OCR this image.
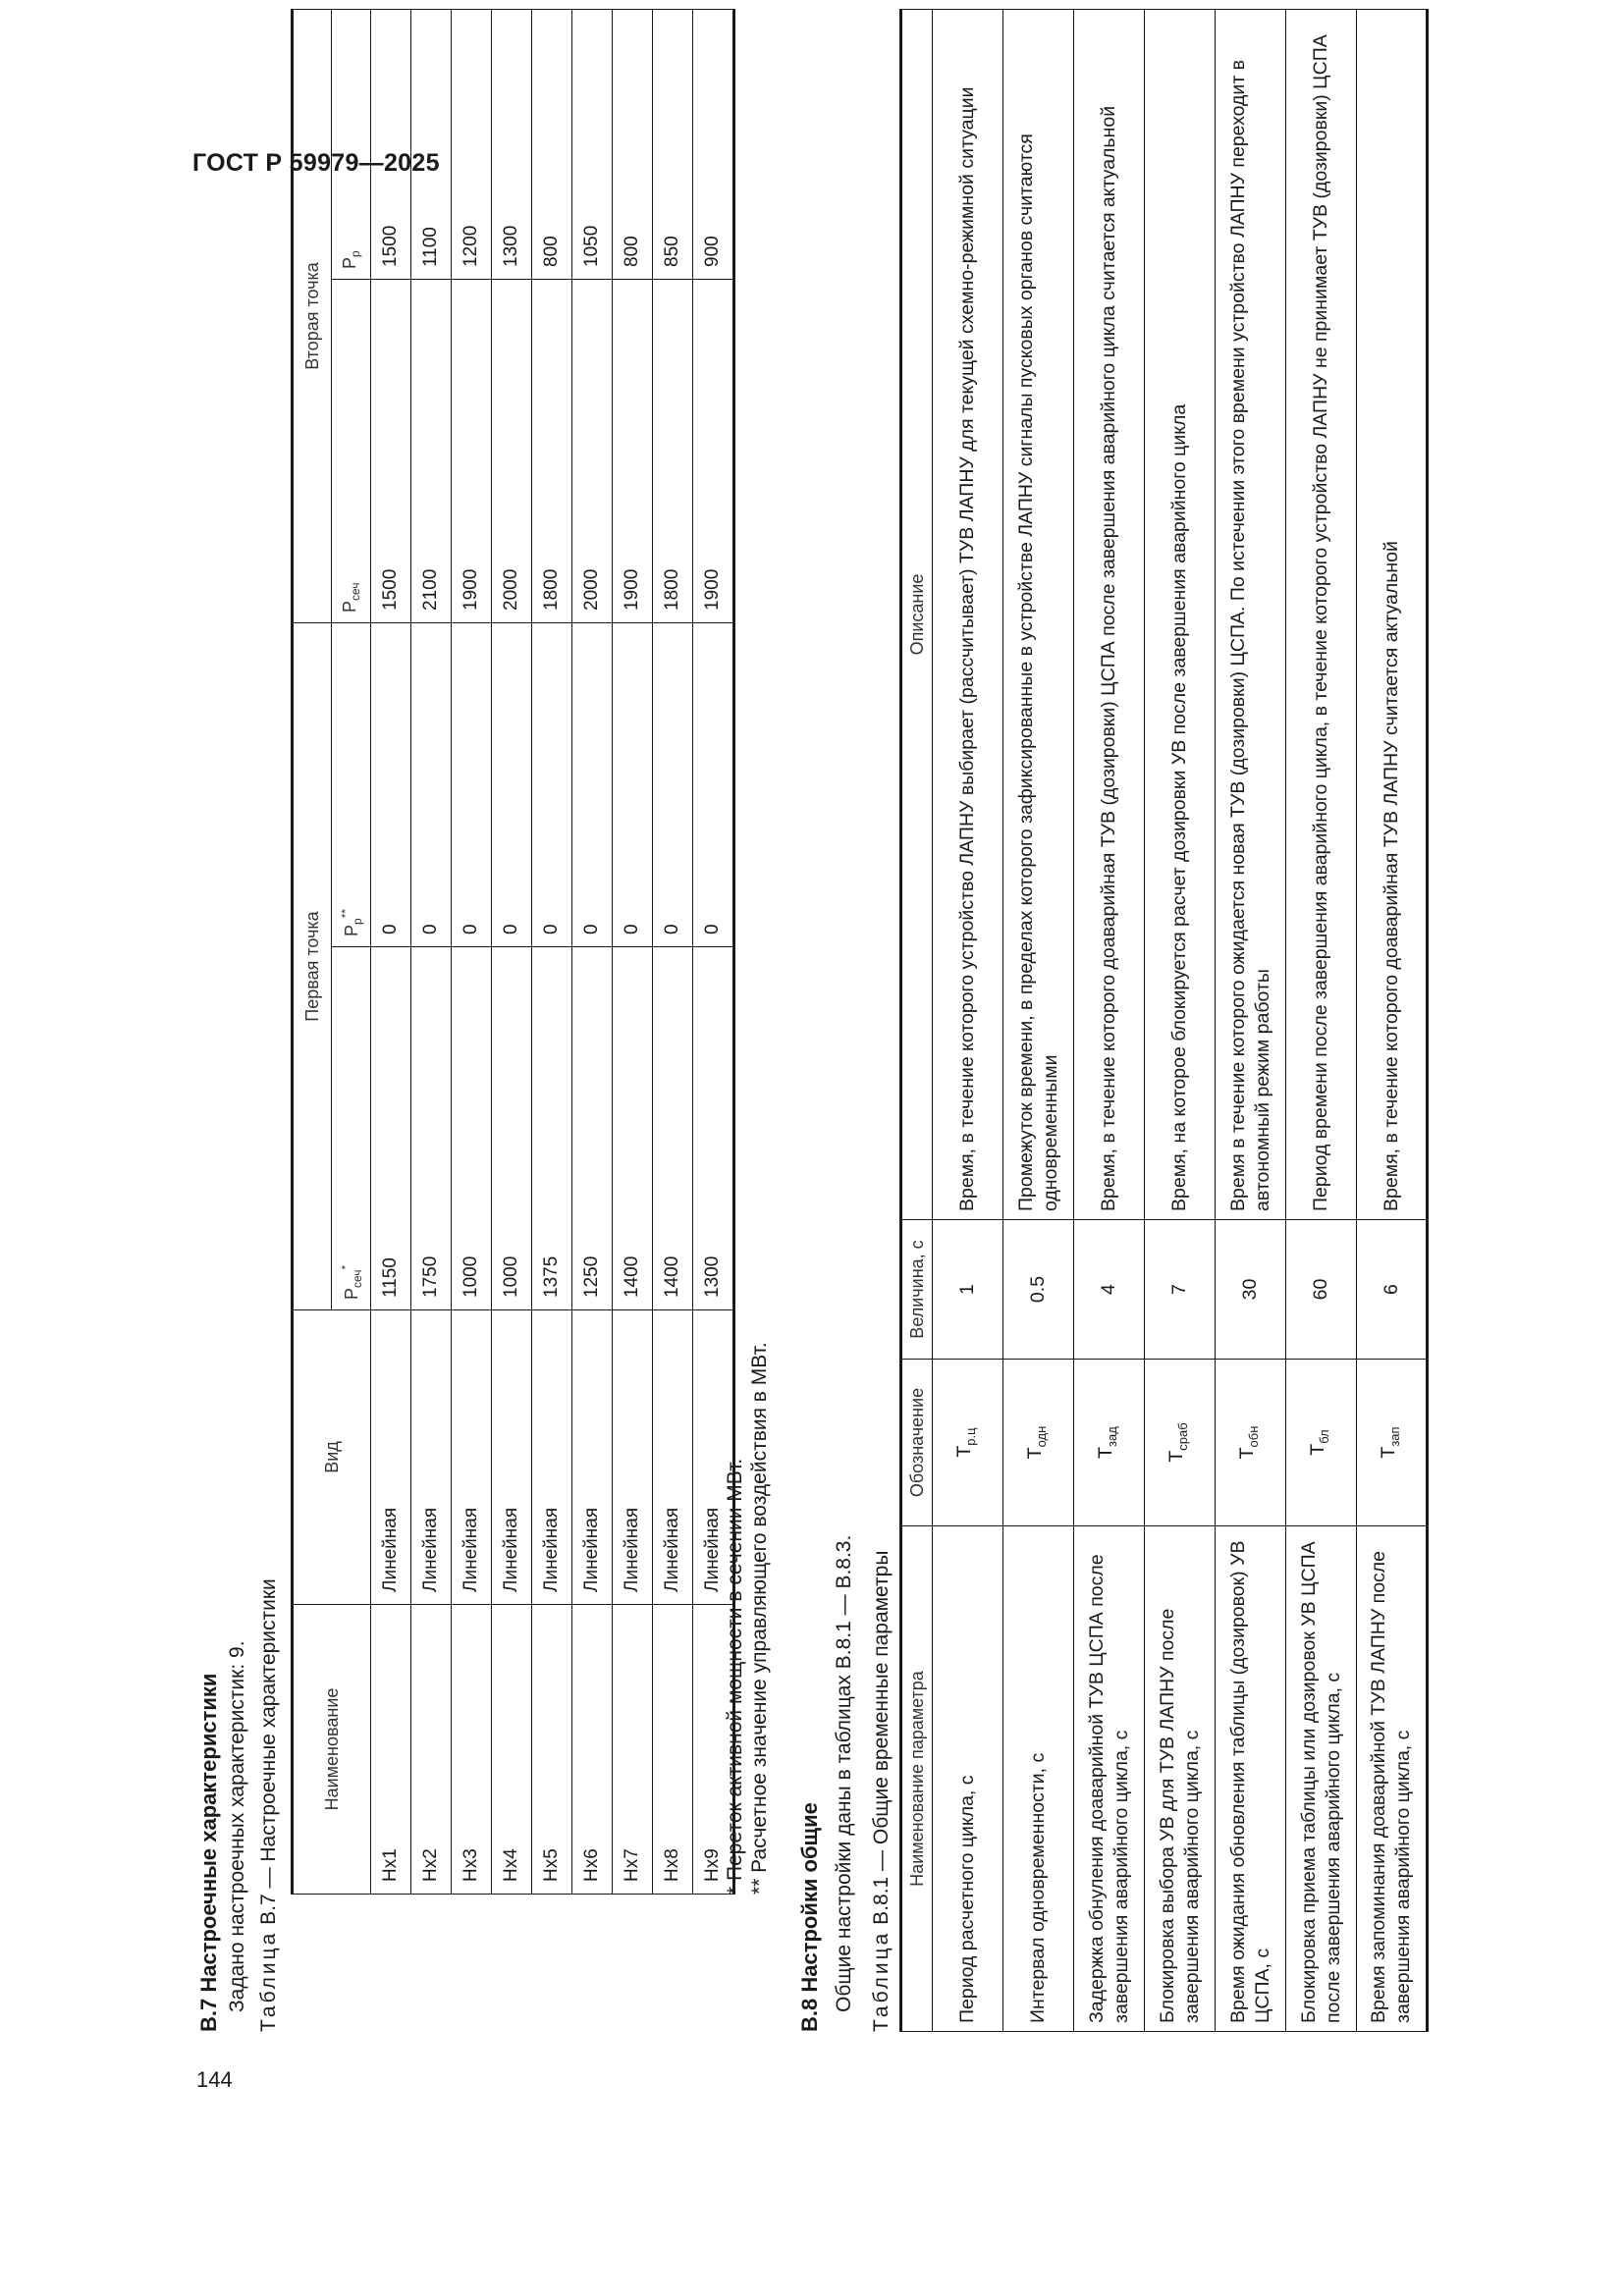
ГОСТ Р 59979—2025
144
В.7 Настроечные характеристики Задано настроечных характеристик: 9.	Наименование	Вид	Первая точка		Вторая точка	
		$P_{сеч}^*$	$P_р^{**}$	$P_{сеч}$	$P_р$
Hx1	Линейная	1150	0	1500	1500
Hx2	Линейная	1750	0	2100	1100
Hx3	Линейная	1000	0	1900	1200
Hx4	Линейная	1000	0	2000	1300
Hx5	Линейная	1375	0	1800	800
Hx6	Линейная	1250	0	2000	1050
Hx7	Линейная	1400	0	1900	800
Hx8	Линейная	1400	0	1800	850
Hx9	Линейная	1300	0	1900	900
* Переток активной мощности в сечении МВт. ** Расчетное значение управляющего воздействия в МВт.
В.8 Настройки общие Общие настройки даны в таблицах В.8.1 — В.8.3. Таблица В.8.1 — Общие временные параметры Наименование параметра	Обозначение	Величина, с	Описание
Период расчетного цикла, с	$T_{р.ц}$	1	Время, в течение которого устройство ЛАПНУ выбирает (рассчитывает) ТУВ ЛАПНУ для текущей схемно-режимной ситуации
Интервал одновременности, с	$T_{одн}$	0.5	Промежуток времени, в пределах которого зафиксированные в устройстве ЛАПНУ сигналы пусковых органов считаются одновременными
Задержка обнуления доаварийной ТУВ ЦСПА после завершения аварийного цикла, с	$T_{зад}$	4	Время, в течение которого доаварийная ТУВ (дозировки) ЦСПА после завершения аварийного цикла считается актуальной
Блокировка выбора УВ для ТУВ ЛАПНУ после завершения аварийного цикла, с	$T_{сраб}$	7	Время, на которое блокируется расчет дозировки УВ после завершения аварийного цикла
Время ожидания обновления таблицы (дозировок) УВ ЦСПА, с	$T_{обн}$	30	Время в течение которого ожидается новая ТУВ (дозировки) ЦСПА. По истечении этого времени устройство ЛАПНУ переходит в автономный режим работы
Блокировка приема таблицы или дозировок УВ ЦСПА после завершения аварийного цикла, с	$T_{бл}$	60	Период времени после завершения аварийного цикла, в течение которого устройство ЛАПНУ не принимает ТУВ (дозировки) ЦСПА
Время запоминания доаварийной ТУВ ЛАПНУ после завершения аварийного цикла, с	$T_{зап}$	6	Время, в течение которого доаварийная ТУВ ЛАПНУ считается актуальной
Таблица В.7 — Настроечные характеристики
